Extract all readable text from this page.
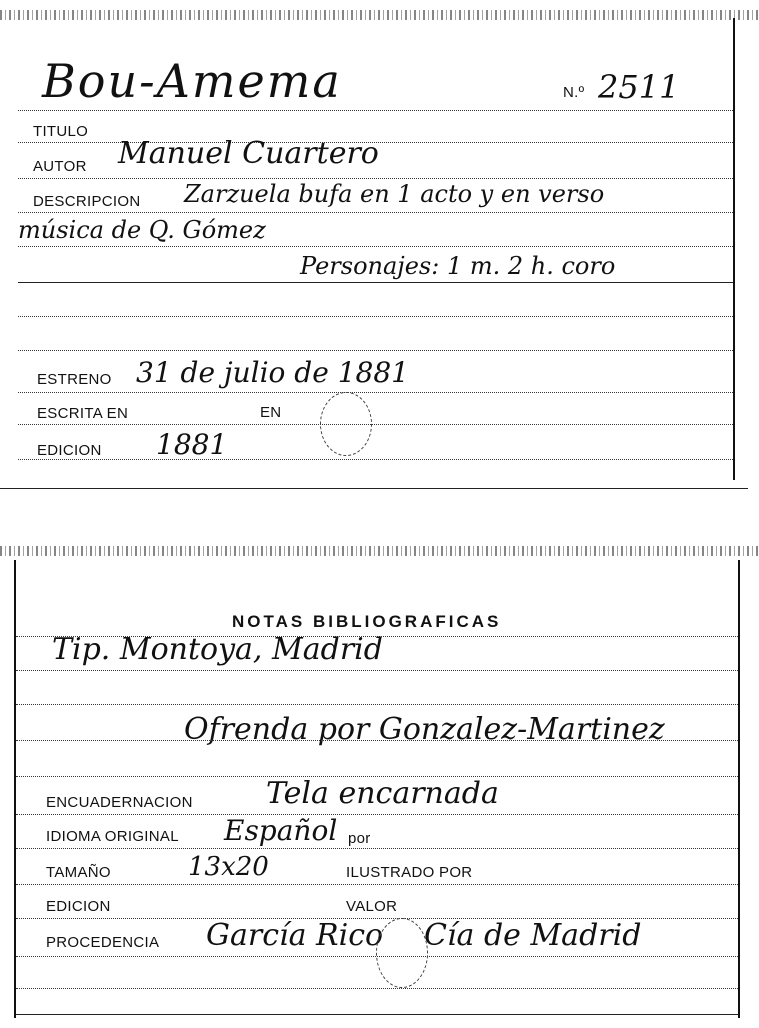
Bou-Amema	N.º 2511
TITULO
AUTOR Manuel Cuartero
DESCRIPCION Zarzuela bufa en 1 acto y en verso
música de Q. Gómez
Personajes: 1 m. 2 h. coro
ESTRENO 31 de julio de 1881
ESCRITA EN	EN
EDICION 1881
NOTAS BIBLIOGRAFICAS
Tip. Montoya, Madrid
Ofrenda por Gonzalez-Martinez
ENCUADERNACION Tela encarnada
IDIOMA ORIGINAL Español por
TAMAÑO	13x20	ILUSTRADO POR
EDICION	VALOR
PROCEDENCIA García Rico Cía de Madrid
